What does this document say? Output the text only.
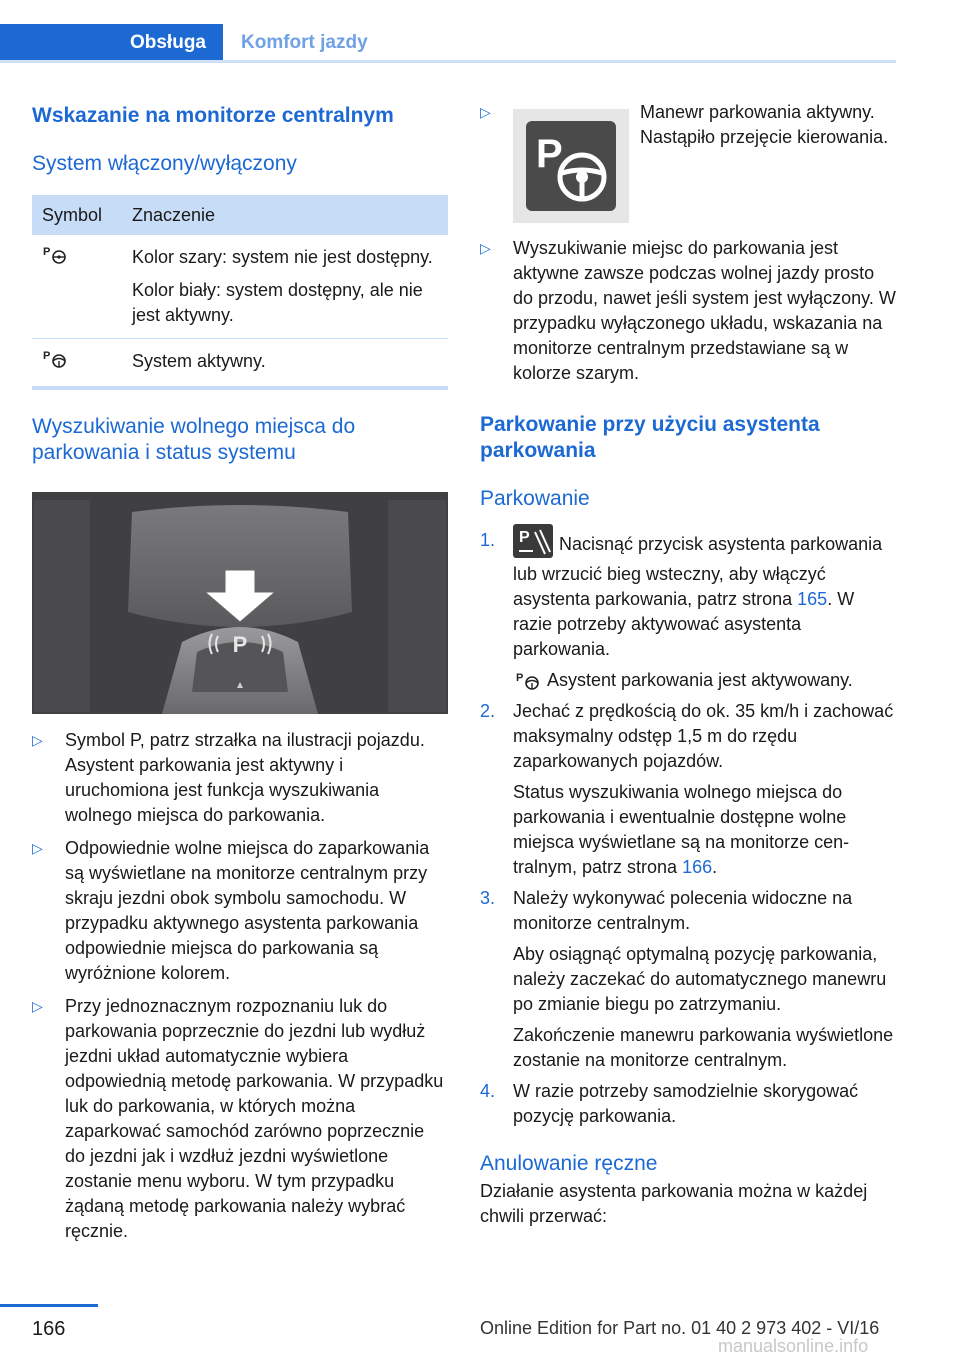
Obsługa	Komfort jazdy
Wskazanie na monitorze centralnym
System włączony/wyłączony
Symbol	Znaczenie

P	Kolor szary: system nie jest dostępny.

Kolor biały: system dostępny, ale nie jest aktywny.

P	System aktywny.

Wyszukiwanie wolnego miejsca do parkowania i status systemu
P
▷ Symbol P, patrz strzałka na ilustracji pojazdu. Asystent parkowania jest aktywny i uruchomiona jest funkcja wyszukiwania wolnego miejsca do parkowania.
▷ Odpowiednie wolne miejsca do zaparkowania są wyświetlane na monitorze centralnym przy skraju jezdni obok symbolu samochodu. W przypadku aktywnego asystenta parkowania odpowiednie miejsca do parkowania są wyróżnione kolorem.
▷ Przy jednoznacznym rozpoznaniu luk do parkowania poprzecznie do jezdni lub wydłuż jezdni układ automatycznie wybiera odpowiednią metodę parkowania. W przypadku luk do parkowania, w których można zaparkować samochód zarówno poprzecznie do jezdni jak i wzdłuż jezdni wyświetlone zostanie menu wyboru. W tym przypadku żądaną metodę parkowania należy wybrać ręcznie.
▷
P
Manewr parkowania aktywny. Nastąpiło przejęcie kierowania.
▷ Wyszukiwanie miejsc do parkowania jest aktywne zawsze podczas wolnej jazdy prosto do przodu, nawet jeśli system jest wyłączony. W przypadku wyłączonego układu, wskazania na monitorze centralnym przedstawiane są w kolorze szarym.
Parkowanie przy użyciu asystenta parkowania
Parkowanie
1. P Nacisnąć przycisk asystenta parkowania lub wrzucić bieg wsteczny, aby włączyć asystenta parkowania, patrz strona 165. W razie potrzeby aktywować asystenta parkowania.

P Asystent parkowania jest aktywowany.

2. Jechać z prędkością do ok. 35 km/h i zachować maksymalny odstęp 1,5 m do rzędu zaparkowanych pojazdów.

Status wyszukiwania wolnego miejsca do parkowania i ewentualnie dostępne wolne miejsca wyświetlane są na monitorze centralnym, patrz strona 166.

3. Należy wykonywać polecenia widoczne na monitorze centralnym.

Aby osiągnąć optymalną pozycję parkowania, należy zaczekać do automatycznego manewru po zmianie biegu po zatrzymaniu.

Zakończenie manewru parkowania wyświetlone zostanie na monitorze centralnym.

4. W razie potrzeby samodzielnie skorygować pozycję parkowania.

Anulowanie ręczne

Działanie asystenta parkowania można w każdej chwili przerwać:

166	Online Edition for Part no. 01 40 2 973 402 - VI/16
manualsonline.info
